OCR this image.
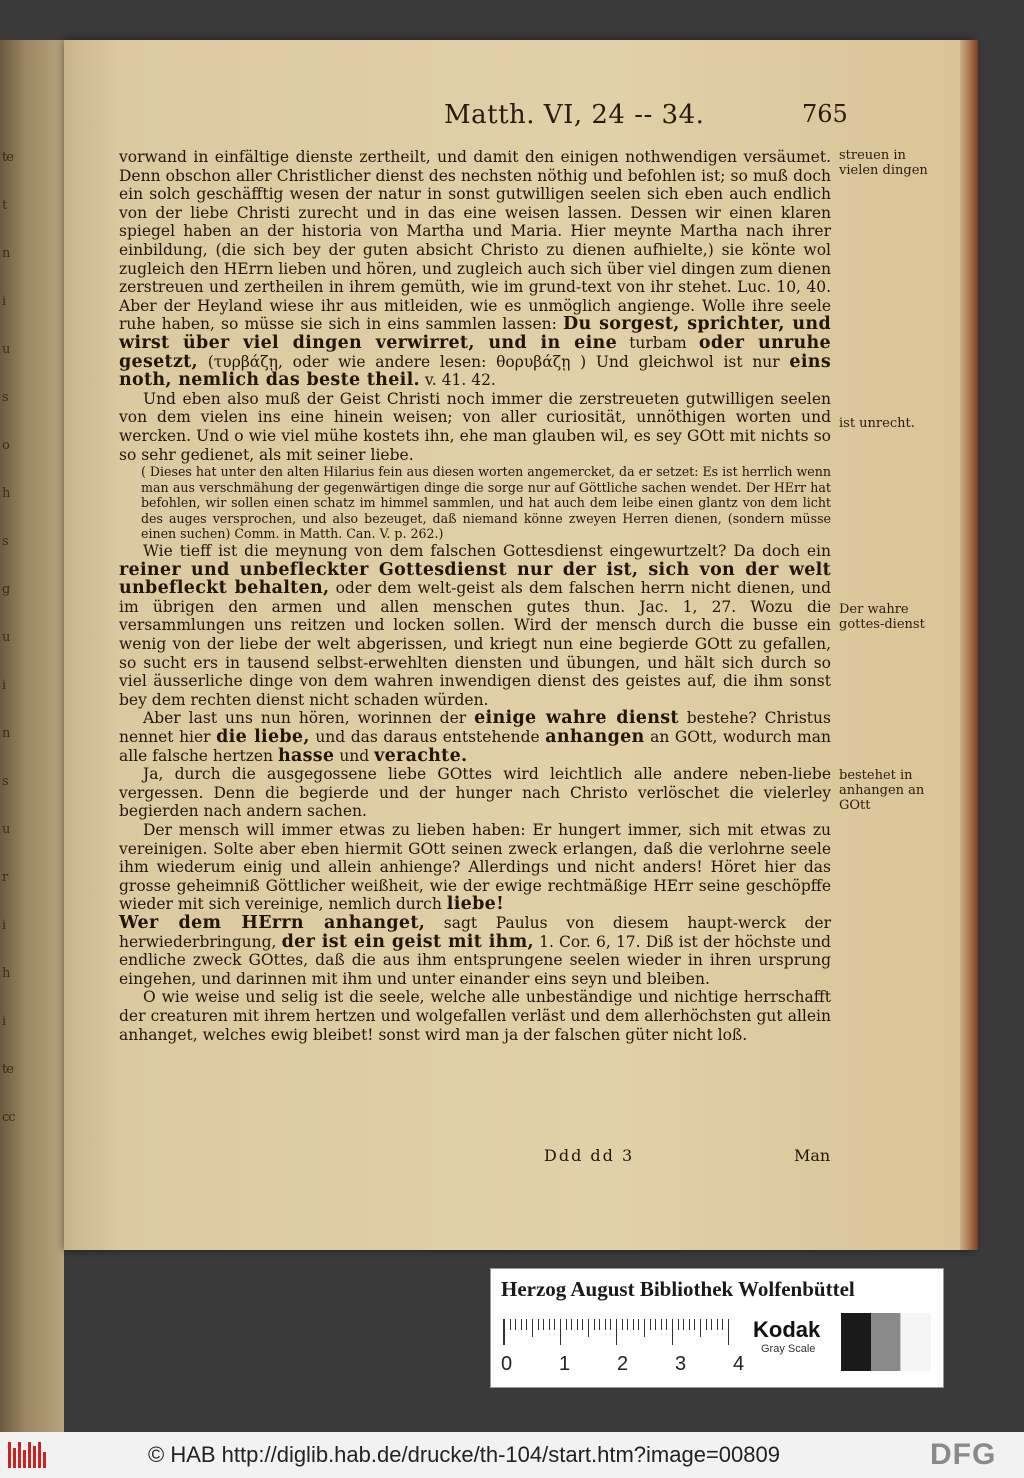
te
t
n
i
u
s
o
h
s
g
u
i
n
s
u
r
i
h
i
te
cc
Matth. VI, 24 -- 34.	765

vorwand in einfältige dienste zertheilt, und damit den einigen nothwendigen versäumet. Denn obschon aller Christlicher dienst des nechsten nöthig und befohlen ist; so muß doch ein solch geschäfftig wesen der natur in sonst gutwilligen seelen sich eben auch endlich von der liebe Christi zurecht und in das eine weisen lassen. Dessen wir einen klaren spiegel haben an der historia von Martha und Maria. Hier meynte Martha nach ihrer einbildung, (die sich bey der guten absicht Christo zu dienen aufhielte,) sie könte wol zugleich den HErrn lieben und hören, und zugleich auch sich über viel dingen zum dienen zerstreuen und zertheilen in ihrem gemüth, wie im grund-text von ihr stehet. Luc. 10, 40. Aber der Heyland wiese ihr aus mitleiden, wie es unmöglich angienge. Wolle ihre seele ruhe haben, so müsse sie sich in eins sammlen lassen: Du sorgest, sprichter, und wirst über viel dingen verwirret, und in eine turbam oder unruhe gesetzt, (τυρβάζῃ, oder wie andere lesen: θορυβάζῃ ) Und gleichwol ist nur eins noth, nemlich das beste theil. v. 41. 42.

Und eben also muß der Geist Christi noch immer die zerstreueten gutwilligen seelen von dem vielen ins eine hinein weisen; von aller curiosität, unnöthigen worten und wercken. Und o wie viel mühe kostets ihn, ehe man glauben wil, es sey GOtt mit nichts so so sehr gedienet, als mit seiner liebe.

( Dieses hat unter den alten Hilarius fein aus diesen worten angemercket, da er setzet: Es ist herrlich wenn man aus verschmähung der gegenwärtigen dinge die sorge nur auf Göttliche sachen wendet. Der HErr hat befohlen, wir sollen einen schatz im himmel sammlen, und hat auch dem leibe einen glantz von dem licht des auges versprochen, und also bezeuget, daß niemand könne zweyen Herren dienen, (sondern müsse einen suchen) Comm. in Matth. Can. V. p. 262.)

Wie tieff ist die meynung von dem falschen Gottesdienst eingewurtzelt? Da doch ein reiner und unbefleckter Gottesdienst nur der ist, sich von der welt unbefleckt behalten, oder dem welt-geist als dem falschen herrn nicht dienen, und im übrigen den armen und allen menschen gutes thun. Jac. 1, 27. Wozu die versammlungen uns reitzen und locken sollen. Wird der mensch durch die busse ein wenig von der liebe der welt abgerissen, und kriegt nun eine begierde GOtt zu gefallen, so sucht ers in tausend selbst-erwehlten diensten und übungen, und hält sich durch so viel äusserliche dinge von dem wahren inwendigen dienst des geistes auf, die ihm sonst bey dem rechten dienst nicht schaden würden.

Aber last uns nun hören, worinnen der einige wahre dienst bestehe? Christus nennet hier die liebe, und das daraus entstehende anhangen an GOtt, wodurch man alle falsche hertzen hasse und verachte.

Ja, durch die ausgegossene liebe GOttes wird leichtlich alle andere neben-liebe vergessen. Denn die begierde und der hunger nach Christo verlöschet die vielerley begierden nach andern sachen.

Der mensch will immer etwas zu lieben haben: Er hungert immer, sich mit etwas zu vereinigen. Solte aber eben hiermit GOtt seinen zweck erlangen, daß die verlohrne seele ihm wiederum einig und allein anhienge? Allerdings und nicht anders! Höret hier das grosse geheimniß Göttlicher weißheit, wie der ewige rechtmäßige HErr seine geschöpffe wieder mit sich vereinige, nemlich durch liebe!

Wer dem HErrn anhanget, sagt Paulus von diesem haupt-werck der herwiederbringung, der ist ein geist mit ihm, 1. Cor. 6, 17. Diß ist der höchste und endliche zweck GOttes, daß die aus ihm entsprungene seelen wieder in ihren ursprung eingehen, und darinnen mit ihm und unter einander eins seyn und bleiben.

O wie weise und selig ist die seele, welche alle unbeständige und nichtige herrschafft der creaturen mit ihrem hertzen und wolgefallen verläst und dem allerhöchsten gut allein anhanget, welches ewig bleibet! sonst wird man ja der falschen güter nicht loß.

streuen in vielen dingen
ist unrecht.
Der wahre gottes-dienst
bestehet in anhangen an GOtt
Ddd dd 3	Man
Herzog August Bibliothek Wolfenbüttel
0 1 2 3 4
Kodak
Gray Scale
© HAB http://diglib.hab.de/drucke/th-104/start.htm?image=00809	DFG
